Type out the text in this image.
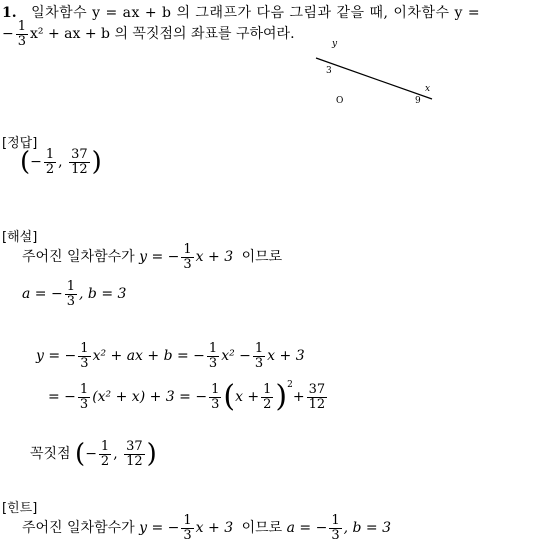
1. 일차함수 y = ax + b 의 그래프가 다음 그림과 같을 때, 이차함수 y =
− $\frac{1}{3} x^2$ + ax + b 의 꼭짓점의 좌표를 구하여라.
y
3
x
O	9
[정답]
(− $\frac{1}{2}$ , $\frac{37}{12}$ )
[해설]
주어진 일차함수가 y = − $\frac{1}{3}$ x + 3 이므로
a = − $\frac{1}{3}$ , b = 3
y = − $\frac{1}{3} x^2$ + ax + b = − $\frac{1}{3} x^2 - \frac{1}{3}$ x + 3
= − $\frac{1}{3} (x^2 + x) + 3$ = − $\frac{1}{3} (x + \frac{1}{2} )^2+ \frac{37}{12}$
꼭짓점 (− $\frac{1}{2}$ , $\frac{37}{12}$ )
[힌트]
주어진 일차함수가 y = − $\frac{1}{3}$ x + 3 이므로 a = − $\frac{1}{3}$ , b = 3
